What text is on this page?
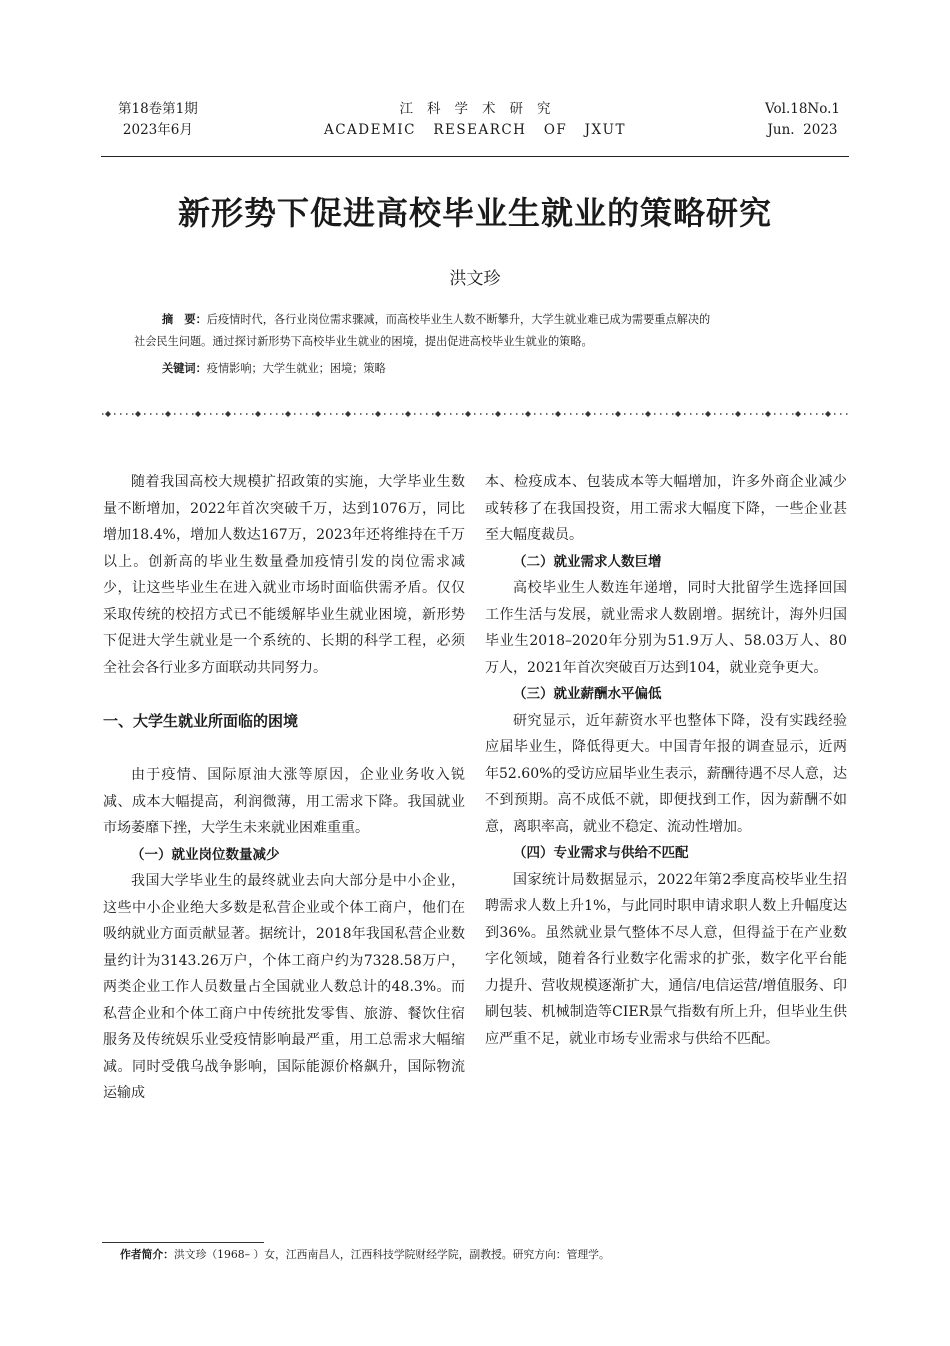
第18卷第1期
2023年6月
江科学术研究
ACADEMIC   RESEARCH   OF   JXUT
Vol.18No.1
Jun.  2023
新形势下促进高校毕业生就业的策略研究
洪文珍
摘　要：后疫情时代，各行业岗位需求骤减，而高校毕业生人数不断攀升，大学生就业难已成为需要重点解决的
社会民生问题。通过探讨新形势下高校毕业生就业的困境，提出促进高校毕业生就业的策略。
关键词：疫情影响；大学生就业；困境；策略

随着我国高校大规模扩招政策的实施，大学毕业生数量不断增加，2022年首次突破千万，达到1076万，同比增加18.4%，增加人数达167万，2023年还将维持在千万以上。创新高的毕业生数量叠加疫情引发的岗位需求减少，让这些毕业生在进入就业市场时面临供需矛盾。仅仅采取传统的校招方式已不能缓解毕业生就业困境，新形势下促进大学生就业是一个系统的、长期的科学工程，必须全社会各行业多方面联动共同努力。

一、大学生就业所面临的困境

由于疫情、国际原油大涨等原因，企业业务收入锐减、成本大幅提高，利润微薄，用工需求下降。我国就业市场萎靡下挫，大学生未来就业困难重重。

（一）就业岗位数量减少

我国大学毕业生的最终就业去向大部分是中小企业，这些中小企业绝大多数是私营企业或个体工商户，他们在吸纳就业方面贡献显著。据统计，2018年我国私营企业数量约计为3143.26万户，个体工商户约为7328.58万户，两类企业工作人员数量占全国就业人数总计的48.3%。而私营企业和个体工商户中传统批发零售、旅游、餐饮住宿服务及传统娱乐业受疫情影响最严重，用工总需求大幅缩减。同时受俄乌战争影响，国际能源价格飙升，国际物流运输成

本、检疫成本、包装成本等大幅增加，许多外商企业减少或转移了在我国投资，用工需求大幅度下降，一些企业甚至大幅度裁员。

（二）就业需求人数巨增

高校毕业生人数连年递增，同时大批留学生选择回国工作生活与发展，就业需求人数剧增。据统计，海外归国毕业生2018–2020年分别为51.9万人、58.03万人、80万人，2021年首次突破百万达到104，就业竞争更大。

（三）就业薪酬水平偏低

研究显示，近年薪资水平也整体下降，没有实践经验应届毕业生，降低得更大。中国青年报的调查显示，近两年52.60%的受访应届毕业生表示，薪酬待遇不尽人意，达不到预期。高不成低不就，即便找到工作，因为薪酬不如意，离职率高，就业不稳定、流动性增加。

（四）专业需求与供给不匹配

国家统计局数据显示，2022年第2季度高校毕业生招聘需求人数上升1%，与此同时职申请求职人数上升幅度达到36%。虽然就业景气整体不尽人意，但得益于在产业数字化领域，随着各行业数字化需求的扩张，数字化平台能力提升、营收规模逐渐扩大，通信/电信运营/增值服务、印刷包装、机械制造等CIER景气指数有所上升，但毕业生供应严重不足，就业市场专业需求与供给不匹配。

作者简介：洪文珍（1968– ）女，江西南昌人，江西科技学院财经学院，副教授。研究方向：管理学。
